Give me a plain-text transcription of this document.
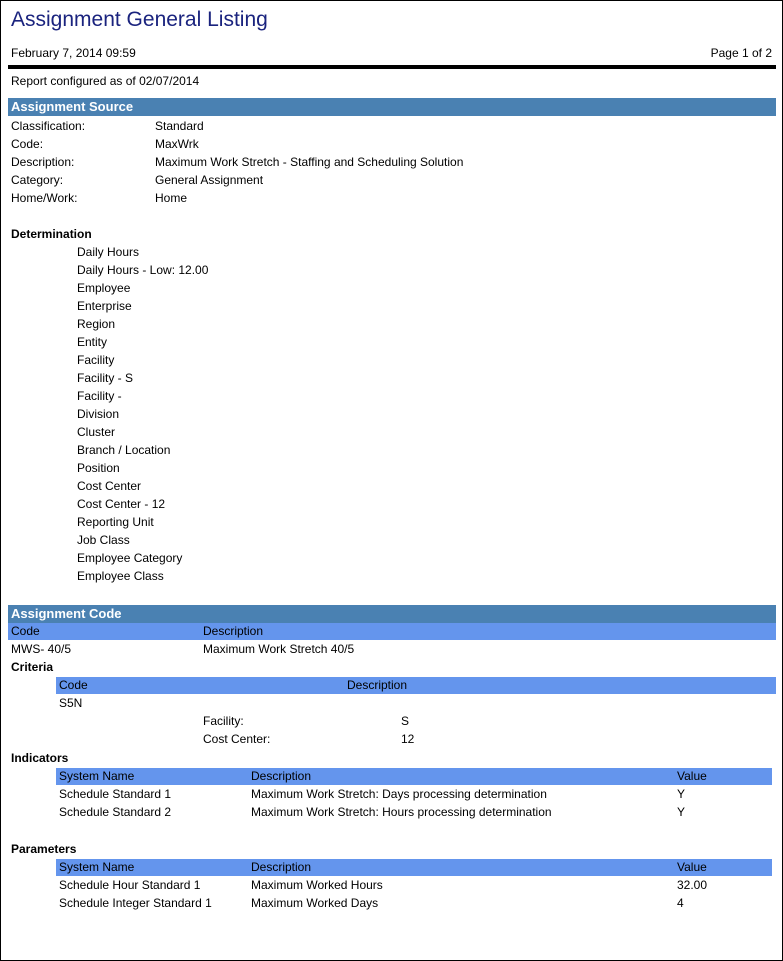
Assignment General Listing
February 7, 2014 09:59	Page 1 of 2
Report configured as of 02/07/2014
Assignment Source
Classification:	Standard
Code:	MaxWrk
Description:	Maximum Work Stretch - Staffing and Scheduling Solution
Category:	General Assignment
Home/Work:	Home
Determination
Daily Hours
Daily Hours - Low: 12.00
Employee
Enterprise
Region
Entity
Facility
Facility - S
Facility -
Division
Cluster
Branch / Location
Position
Cost Center
Cost Center - 12
Reporting Unit
Job Class
Employee Category
Employee Class
Assignment Code
Code	Description
MWS- 40/5	Maximum Work Stretch 40/5
Criteria
Code	Description
S5N
Facility:	S
Cost Center:	12
Indicators
System Name	Description	Value
Schedule Standard 1	Maximum Work Stretch: Days processing determination	Y
Schedule Standard 2	Maximum Work Stretch: Hours processing determination	Y
Parameters
System Name	Description	Value
Schedule Hour Standard 1	Maximum Worked Hours	32.00
Schedule Integer Standard 1	Maximum Worked Days	4
